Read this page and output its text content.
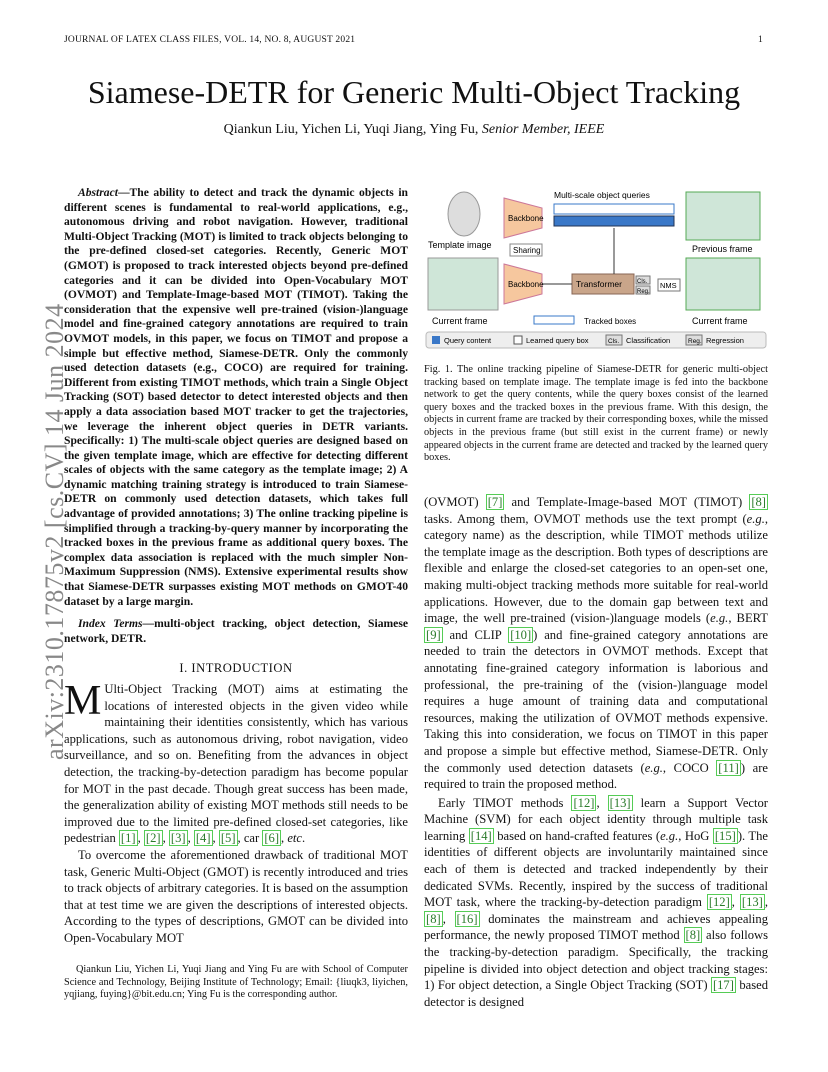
JOURNAL OF LATEX CLASS FILES, VOL. 14, NO. 8, AUGUST 2021	1
arXiv:2310.17875v2 [cs.CV] 14 Jun 2024
Siamese-DETR for Generic Multi-Object Tracking
Qiankun Liu, Yichen Li, Yuqi Jiang, Ying Fu, Senior Member, IEEE

Abstract—The ability to detect and track the dynamic objects in different scenes is fundamental to real-world applications, e.g., autonomous driving and robot navigation. However, traditional Multi-Object Tracking (MOT) is limited to track objects belonging to the pre-defined closed-set categories. Recently, Generic MOT (GMOT) is proposed to track interested objects beyond pre-defined categories and it can be divided into Open-Vocabulary MOT (OVMOT) and Template-Image-based MOT (TIMOT). Taking the consideration that the expensive well pre-trained (vision-)language model and fine-grained category annotations are required to train OVMOT models, in this paper, we focus on TIMOT and propose a simple but effective method, Siamese-DETR. Only the commonly used detection datasets (e.g., COCO) are required for training. Different from existing TIMOT methods, which train a Single Object Tracking (SOT) based detector to detect interested objects and then apply a data association based MOT tracker to get the trajectories, we leverage the inherent object queries in DETR variants. Specifically: 1) The multi-scale object queries are designed based on the given template image, which are effective for detecting different scales of objects with the same category as the template image; 2) A dynamic matching training strategy is introduced to train Siamese-DETR on commonly used detection datasets, which takes full advantage of provided annotations; 3) The online tracking pipeline is simplified through a tracking-by-query manner by incorporating the tracked boxes in the previous frame as additional query boxes. The complex data association is replaced with the much simpler Non-Maximum Suppression (NMS). Extensive experimental results show that Siamese-DETR surpasses existing MOT methods on GMOT-40 dataset by a large margin.

Index Terms—multi-object tracking, object detection, Siamese network, DETR.

I. INTRODUCTION

M Ulti-Object Tracking (MOT) aims at estimating the locations of interested objects in the given video while maintaining their identities consistently, which has various applications, such as autonomous driving, robot navigation, video surveillance, and so on. Benefiting from the advances in object detection, the tracking-by-detection paradigm has become popular for MOT in the past decade. Though great success has been made, the generalization ability of existing MOT methods still needs to be improved due to the limited pre-defined closed-set categories, like pedestrian [1] , [2] , [3] , [4] , [5] , car [6] , etc.

To overcome the aforementioned drawback of traditional MOT task, Generic Multi-Object (GMOT) is recently introduced and tries to track objects of arbitrary categories. It is based on the assumption that at test time we are given the descriptions of interested objects. According to the types of descriptions, GMOT can be divided into Open-Vocabulary MOT

Qiankun Liu, Yichen Li, Yuqi Jiang and Ying Fu are with School of Computer Science and Technology, Beijing Institute of Technology; Email: {liuqk3, liyichen, yqjiang, fuying}@bit.edu.cn; Ying Fu is the corresponding author.
Template image
Backbone
Backbone
Sharing
Multi-scale object queries
Previous frame
Current frame
Transformer	Cls.
Reg.
NMS
Current frame
Tracked boxes
Query content	Learned query box	Cls. Classification	Reg. Regression
Fig. 1. The online tracking pipeline of Siamese-DETR for generic multi-object tracking based on template image. The template image is fed into the backbone network to get the query contents, while the query boxes consist of the learned query boxes and the tracked boxes in the previous frame. With this design, the objects in current frame are tracked by their corresponding boxes, while the missed objects in the previous frame (but still exist in the current frame) or newly appeared objects in the current frame are detected and tracked by the learned query boxes.

(OVMOT) [7] and Template-Image-based MOT (TIMOT) [8] tasks. Among them, OVMOT methods use the text prompt (e.g., category name) as the description, while TIMOT methods utilize the template image as the description. Both types of descriptions are flexible and enlarge the closed-set categories to an open-set one, making multi-object tracking methods more suitable for real-world applications. However, due to the domain gap between text and image, the well pre-trained (vision-)language models (e.g., BERT [9] and CLIP [10] ) and fine-grained category annotations are needed to train the detectors in OVMOT methods. Except that annotating fine-grained category information is laborious and professional, the pre-training of the (vision-)language model requires a huge amount of training data and computational resources, making the utilization of OVMOT methods expensive. Taking this into consideration, we focus on TIMOT in this paper and propose a simple but effective method, Siamese-DETR. Only the commonly used detection datasets (e.g., COCO [11] ) are required to train the proposed method.

Early TIMOT methods [12] , [13] learn a Support Vector Machine (SVM) for each object identity through multiple task learning [14] based on hand-crafted features (e.g., HoG [15] ). The identities of different objects are involuntarily maintained since each of them is detected and tracked independently by their dedicated SVMs. Recently, inspired by the success of traditional MOT task, where the tracking-by-detection paradigm [12] , [13] , [8] , [16] dominates the mainstream and achieves appealing performance, the newly proposed TIMOT method [8] also follows the tracking-by-detection paradigm. Specifically, the tracking pipeline is divided into object detection and object tracking stages: 1) For object detection, a Single Object Tracking (SOT) [17] based detector is designed
